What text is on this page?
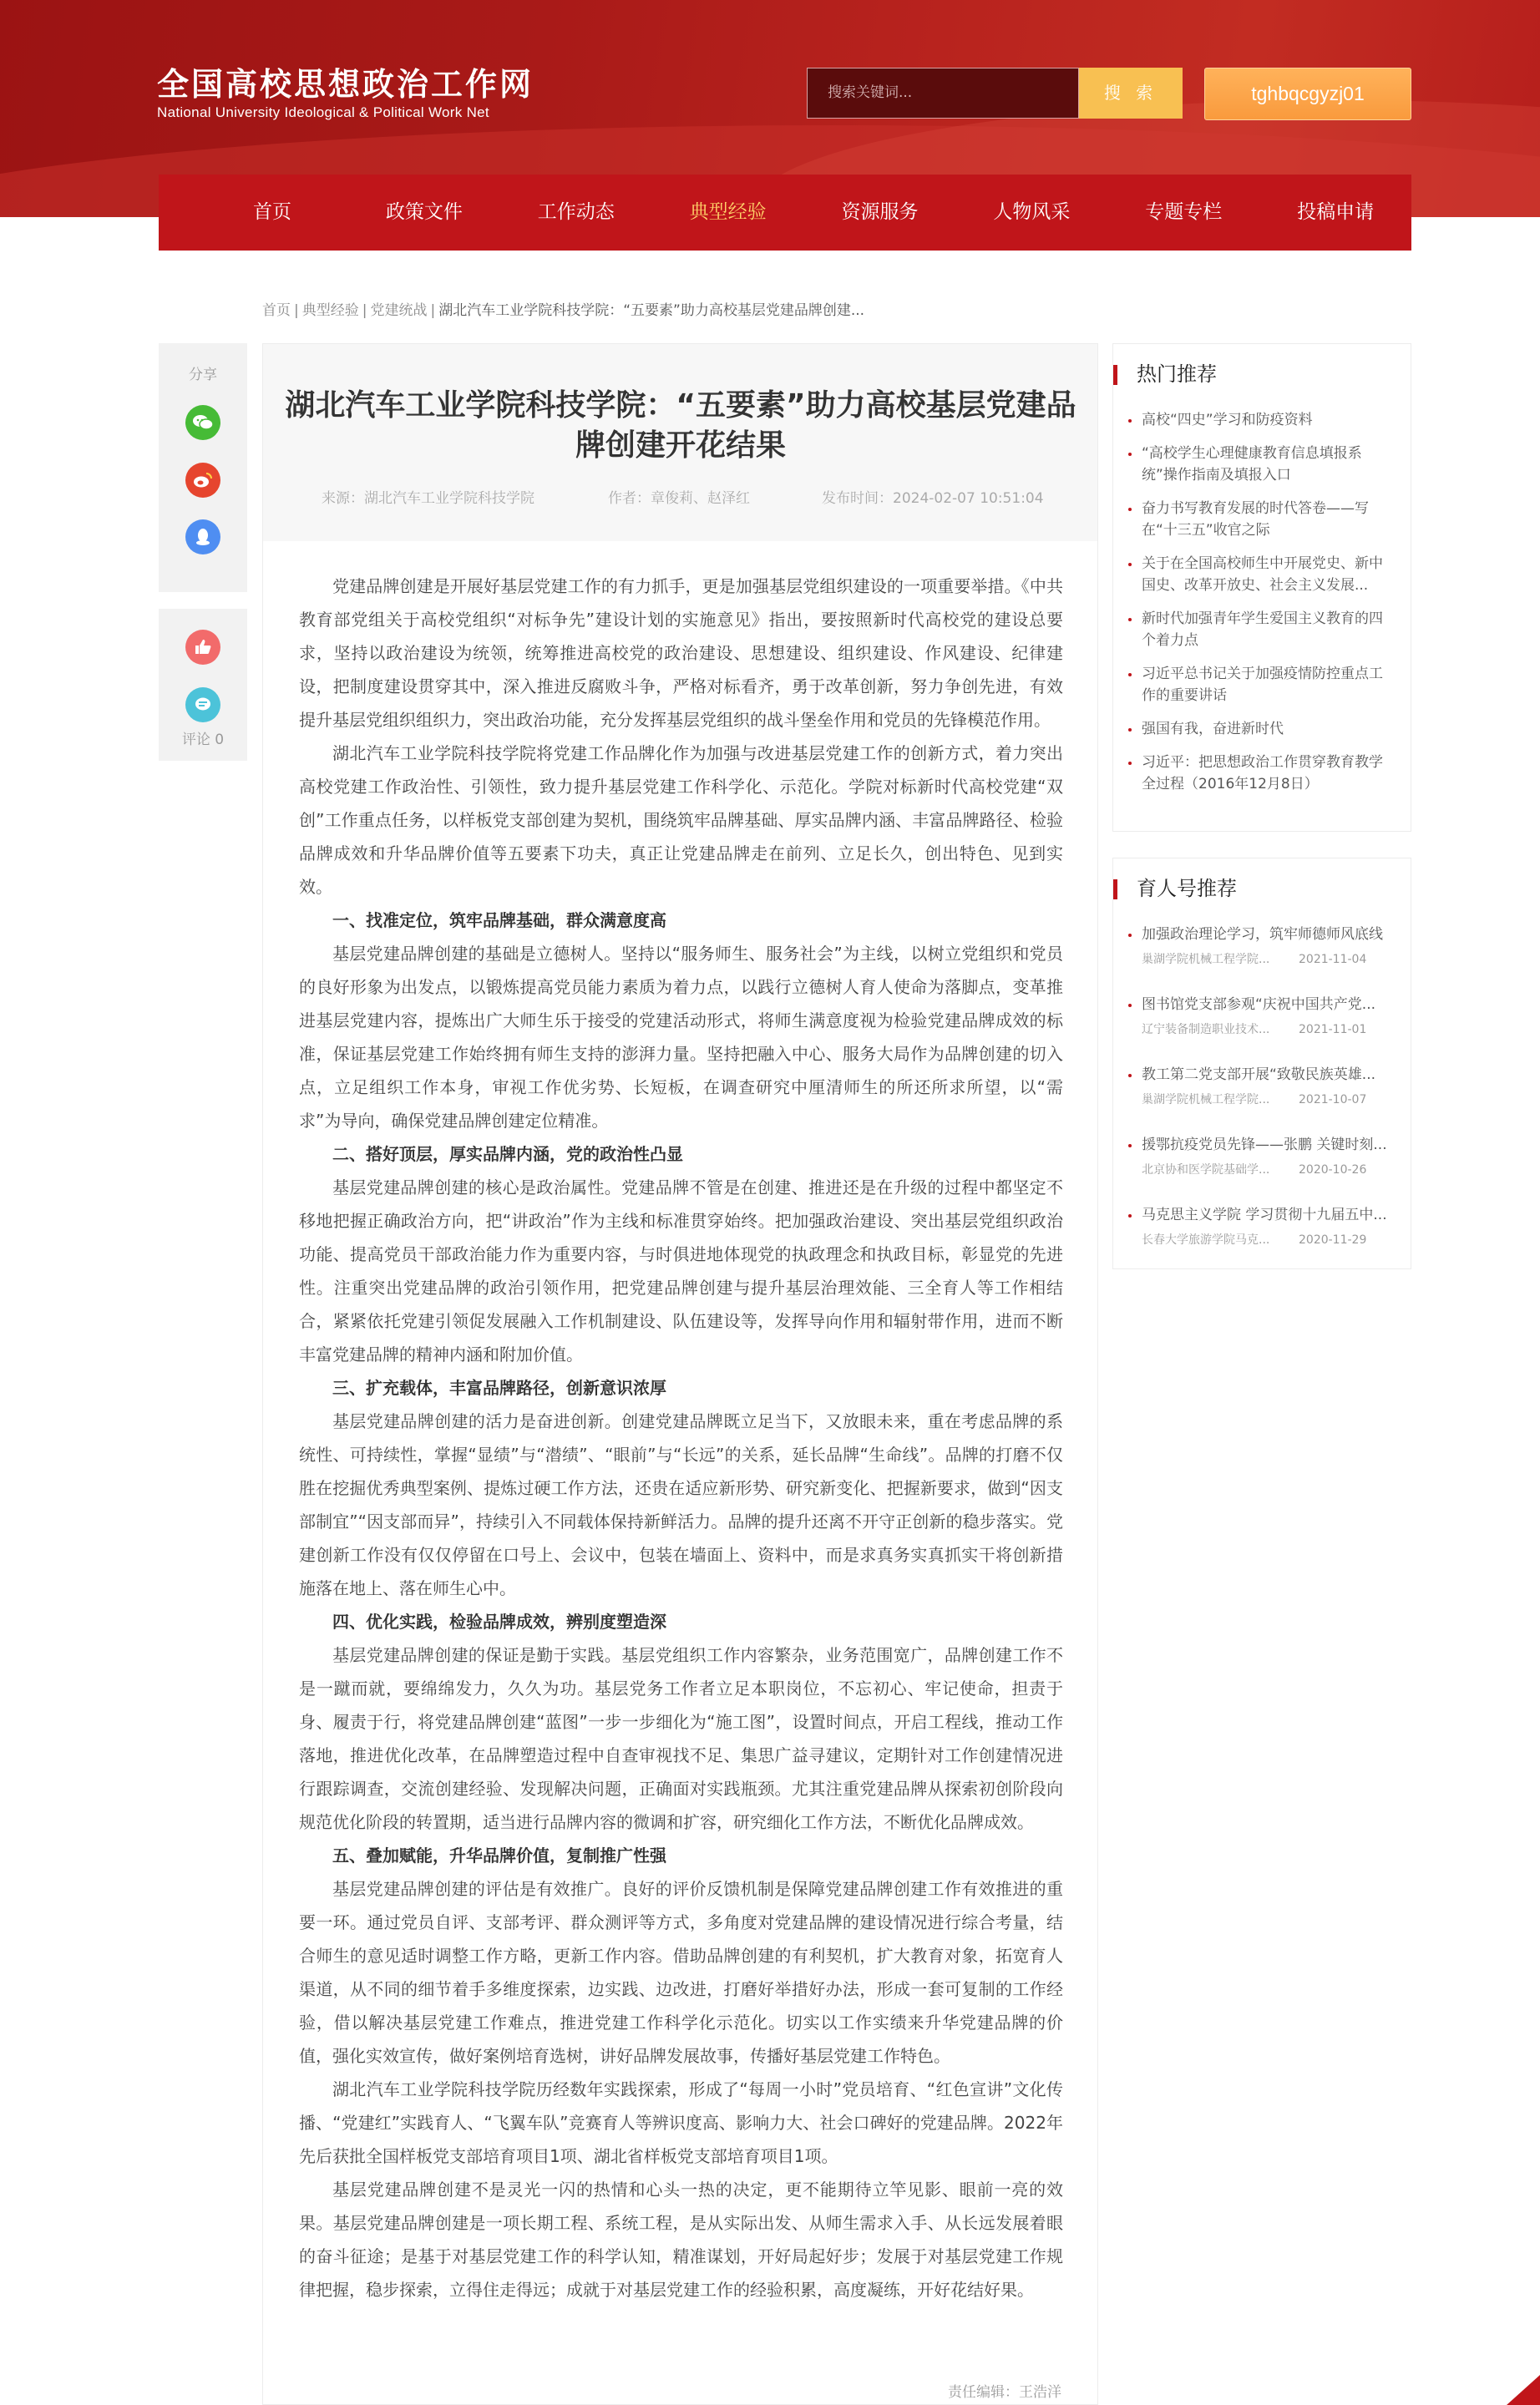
全国高校思想政治工作网
National University Ideological & Political Work Net
搜索关键词...	搜 索	tghbqcgyzj01
首页	政策文件	工作动态	典型经验	资源服务	人物风采	专题专栏	投稿申请
首页 | 典型经验 | 党建统战 | 湖北汽车工业学院科技学院：“五要素”助力高校基层党建品牌创建...
分享
评论 0
湖北汽车工业学院科技学院：“五要素”助力高校基层党建品牌创建开花结果
来源：湖北汽车工业学院科技学院	作者：章俊莉、赵泽红	发布时间：2024-02-07 10:51:04

党建品牌创建是开展好基层党建工作的有力抓手，更是加强基层党组织建设的一项重要举措。《中共教育部党组关于高校党组织“对标争先”建设计划的实施意见》指出，要按照新时代高校党的建设总要求，坚持以政治建设为统领，统筹推进高校党的政治建设、思想建设、组织建设、作风建设、纪律建设，把制度建设贯穿其中，深入推进反腐败斗争，严格对标看齐，勇于改革创新，努力争创先进，有效提升基层党组织组织力，突出政治功能，充分发挥基层党组织的战斗堡垒作用和党员的先锋模范作用。

湖北汽车工业学院科技学院将党建工作品牌化作为加强与改进基层党建工作的创新方式，着力突出高校党建工作政治性、引领性，致力提升基层党建工作科学化、示范化。学院对标新时代高校党建“双创”工作重点任务，以样板党支部创建为契机，围绕筑牢品牌基础、厚实品牌内涵、丰富品牌路径、检验品牌成效和升华品牌价值等五要素下功夫，真正让党建品牌走在前列、立足长久，创出特色、见到实效。

一、找准定位，筑牢品牌基础，群众满意度高

基层党建品牌创建的基础是立德树人。坚持以“服务师生、服务社会”为主线，以树立党组织和党员的良好形象为出发点，以锻炼提高党员能力素质为着力点，以践行立德树人育人使命为落脚点，变革推进基层党建内容，提炼出广大师生乐于接受的党建活动形式，将师生满意度视为检验党建品牌成效的标准，保证基层党建工作始终拥有师生支持的澎湃力量。坚持把融入中心、服务大局作为品牌创建的切入点，立足组织工作本身，审视工作优劣势、长短板，在调查研究中厘清师生的所还所求所望，以“需求”为导向，确保党建品牌创建定位精准。

二、搭好顶层，厚实品牌内涵，党的政治性凸显

基层党建品牌创建的核心是政治属性。党建品牌不管是在创建、推进还是在升级的过程中都坚定不移地把握正确政治方向，把“讲政治”作为主线和标准贯穿始终。把加强政治建设、突出基层党组织政治功能、提高党员干部政治能力作为重要内容，与时俱进地体现党的执政理念和执政目标，彰显党的先进性。注重突出党建品牌的政治引领作用，把党建品牌创建与提升基层治理效能、三全育人等工作相结合，紧紧依托党建引领促发展融入工作机制建设、队伍建设等，发挥导向作用和辐射带作用，进而不断丰富党建品牌的精神内涵和附加价值。

三、扩充载体，丰富品牌路径，创新意识浓厚

基层党建品牌创建的活力是奋进创新。创建党建品牌既立足当下，又放眼未来，重在考虑品牌的系统性、可持续性，掌握“显绩”与“潜绩”、“眼前”与“长远”的关系，延长品牌“生命线”。品牌的打磨不仅胜在挖掘优秀典型案例、提炼过硬工作方法，还贵在适应新形势、研究新变化、把握新要求，做到“因支部制宜”“因支部而异”，持续引入不同载体保持新鲜活力。品牌的提升还离不开守正创新的稳步落实。党建创新工作没有仅仅停留在口号上、会议中，包装在墙面上、资料中，而是求真务实真抓实干将创新措施落在地上、落在师生心中。

四、优化实践，检验品牌成效，辨别度塑造深

基层党建品牌创建的保证是勤于实践。基层党组织工作内容繁杂，业务范围宽广，品牌创建工作不是一蹴而就，要绵绵发力，久久为功。基层党务工作者立足本职岗位，不忘初心、牢记使命，担责于身、履责于行，将党建品牌创建“蓝图”一步一步细化为“施工图”，设置时间点，开启工程线，推动工作落地，推进优化改革，在品牌塑造过程中自查审视找不足、集思广益寻建议，定期针对工作创建情况进行跟踪调查，交流创建经验、发现解决问题，正确面对实践瓶颈。尤其注重党建品牌从探索初创阶段向规范优化阶段的转置期，适当进行品牌内容的微调和扩容，研究细化工作方法，不断优化品牌成效。

五、叠加赋能，升华品牌价值，复制推广性强

基层党建品牌创建的评估是有效推广。良好的评价反馈机制是保障党建品牌创建工作有效推进的重要一环。通过党员自评、支部考评、群众测评等方式，多角度对党建品牌的建设情况进行综合考量，结合师生的意见适时调整工作方略，更新工作内容。借助品牌创建的有利契机，扩大教育对象，拓宽育人渠道，从不同的细节着手多维度探索，边实践、边改进，打磨好举措好办法，形成一套可复制的工作经验，借以解决基层党建工作难点，推进党建工作科学化示范化。切实以工作实绩来升华党建品牌的价值，强化实效宣传，做好案例培育选树，讲好品牌发展故事，传播好基层党建工作特色。

湖北汽车工业学院科技学院历经数年实践探索，形成了“每周一小时”党员培育、“红色宣讲”文化传播、“党建红”实践育人、“飞翼车队”竞赛育人等辨识度高、影响力大、社会口碑好的党建品牌。2022年先后获批全国样板党支部培育项目1项、湖北省样板党支部培育项目1项。

基层党建品牌创建不是灵光一闪的热情和心头一热的决定，更不能期待立竿见影、眼前一亮的效果。基层党建品牌创建是一项长期工程、系统工程，是从实际出发、从师生需求入手、从长远发展着眼的奋斗征途；是基于对基层党建工作的科学认知，精准谋划，开好局起好步；发展于对基层党建工作规律把握，稳步探索，立得住走得远；成就于对基层党建工作的经验积累，高度凝练，开好花结好果。

责任编辑：王浩洋
热门推荐
高校“四史”学习和防疫资料
“高校学生心理健康教育信息填报系统”操作指南及填报入口
奋力书写教育发展的时代答卷——写在“十三五”收官之际
关于在全国高校师生中开展党史、新中国史、改革开放史、社会主义发展...
新时代加强青年学生爱国主义教育的四个着力点
习近平总书记关于加强疫情防控重点工作的重要讲话
强国有我，奋进新时代
习近平：把思想政治工作贯穿教育教学全过程（2016年12月8日）
育人号推荐
加强政治理论学习，筑牢师德师风底线
巢湖学院机械工程学院...	2021-11-04
图书馆党支部参观“庆祝中国共产党...
辽宁装备制造职业技术...	2021-11-01
教工第二党支部开展“致敬民族英雄...
巢湖学院机械工程学院...	2021-10-07
援鄂抗疫党员先锋——张鹏 关键时刻...
北京协和医学院基础学...	2020-10-26
马克思主义学院 学习贯彻十九届五中...
长春大学旅游学院马克...	2020-11-29
